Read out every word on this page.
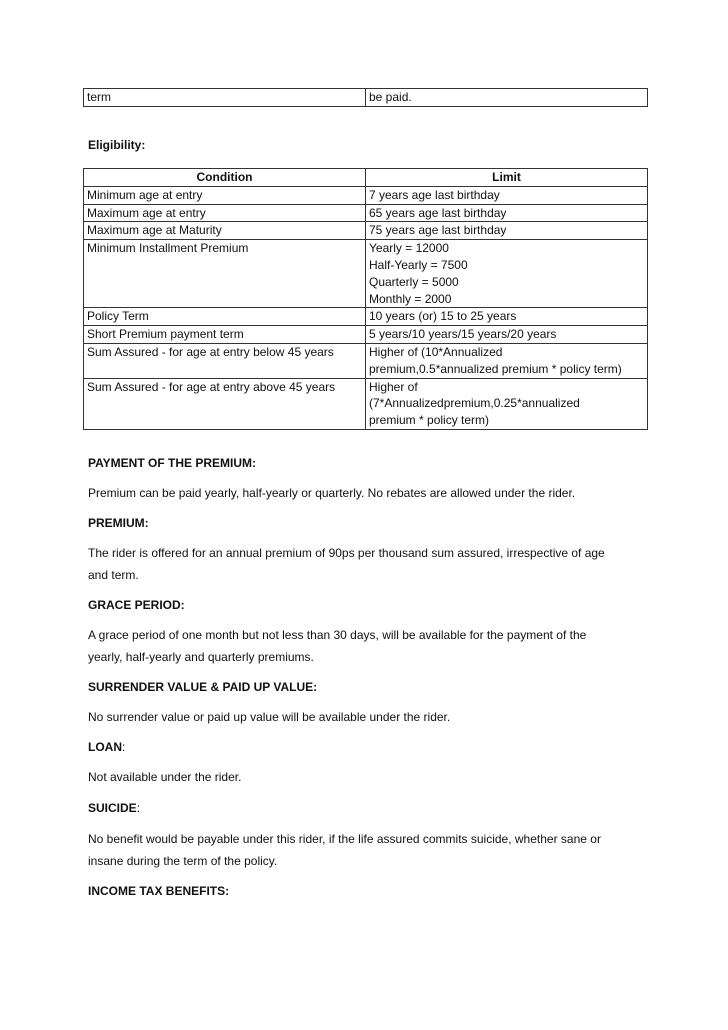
term	be paid.

Eligibility:

Condition	Limit
Minimum age at entry	7 years age last birthday

Maximum age at entry	65 years age last birthday

Maximum age at Maturity	75 years age last birthday

Minimum Installment Premium	Yearly = 12000
Half-Yearly = 7500
Quarterly = 5000
Monthly = 2000

Policy Term	10 years (or) 15 to 25 years

Short Premium payment term	5 years/10 years/15 years/20 years

Sum Assured - for age at entry below 45 years	Higher of (10*Annualized
premium,0.5*annualized premium * policy term)

Sum Assured - for age at entry above 45 years	Higher of
(7*Annualizedpremium,0.25*annualized
premium * policy term)

PAYMENT OF THE PREMIUM:

Premium can be paid yearly, half-yearly or quarterly. No rebates are allowed under the rider.

PREMIUM:

The rider is offered for an annual premium of 90ps per thousand sum assured, irrespective of age
and term.

GRACE PERIOD:

A grace period of one month but not less than 30 days, will be available for the payment of the
yearly, half-yearly and quarterly premiums.

SURRENDER VALUE & PAID UP VALUE:

No surrender value or paid up value will be available under the rider.

LOAN:

Not available under the rider.

SUICIDE:

No benefit would be payable under this rider, if the life assured commits suicide, whether sane or
insane during the term of the policy.

INCOME TAX BENEFITS:
